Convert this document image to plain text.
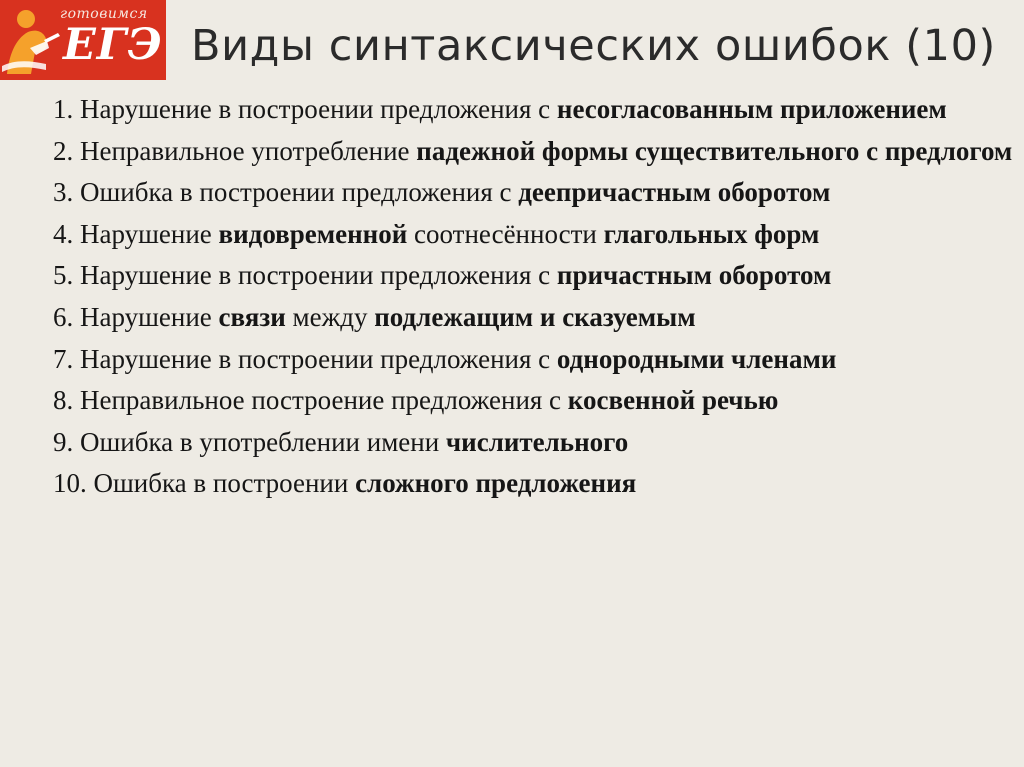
готовимся
ЕГЭ Виды синтаксических ошибок (10)
1. Нарушение в построении предложения с несогласованным приложением
2. Неправильное употребление падежной формы существительного с предлогом
3. Ошибка в построении предложения с деепричастным оборотом
4. Нарушение видовременной соотнесённости глагольных форм
5. Нарушение в построении предложения с причастным оборотом
6. Нарушение связи между подлежащим и сказуемым
7. Нарушение в построении предложения с однородными членами
8. Неправильное построение предложения с косвенной речью
9. Ошибка в употреблении имени числительного
10. Ошибка в построении сложного предложения
